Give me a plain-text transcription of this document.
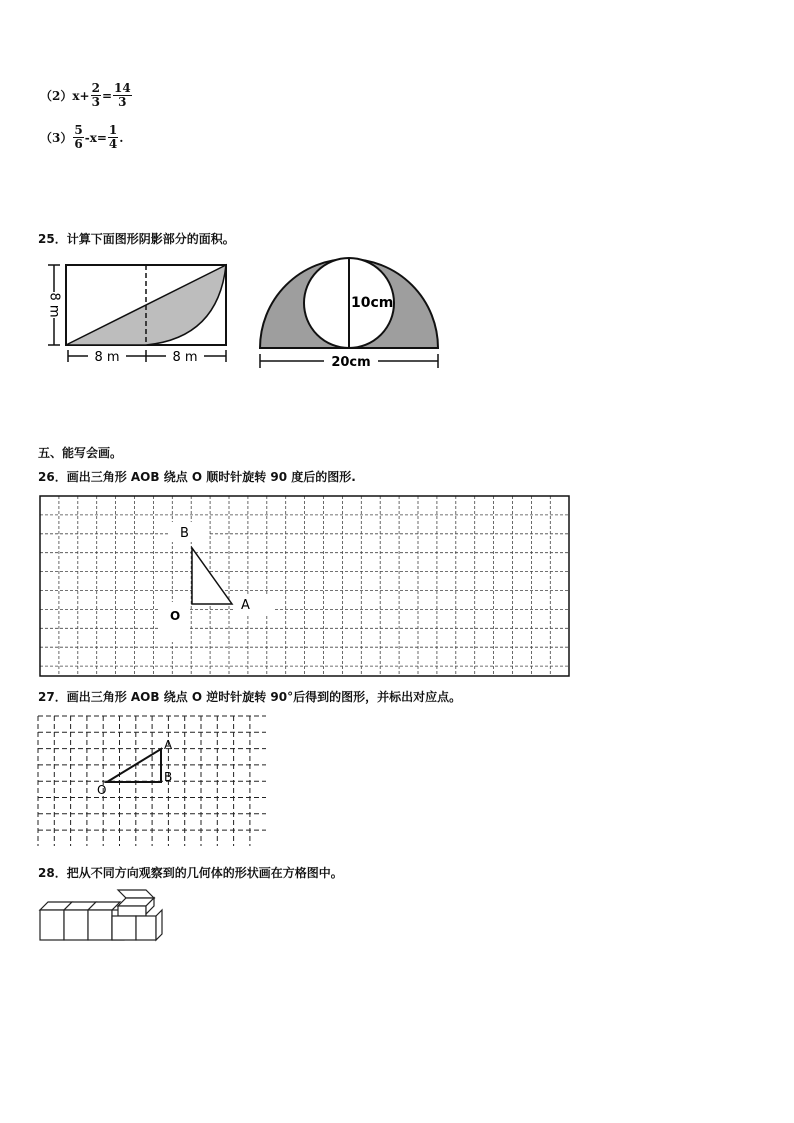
（2） $x+ \frac{2}{3} = \frac{14}{3}$
$(3) \frac{5}{6} -x = \frac{1}{4}$ .
25．计算下面图形阴影部分的面积。
8 m
8 m	8 m
10cm
20cm
五、能写会画。
26．画出三角形 AOB 绕点 O 顺时针旋转 90 度后的图形.
B
A
O
27．画出三角形 AOB 绕点 O 逆时针旋转 90°后得到的图形，并标出对应点。
A
B
O
28．把从不同方向观察到的几何体的形状画在方格图中。
